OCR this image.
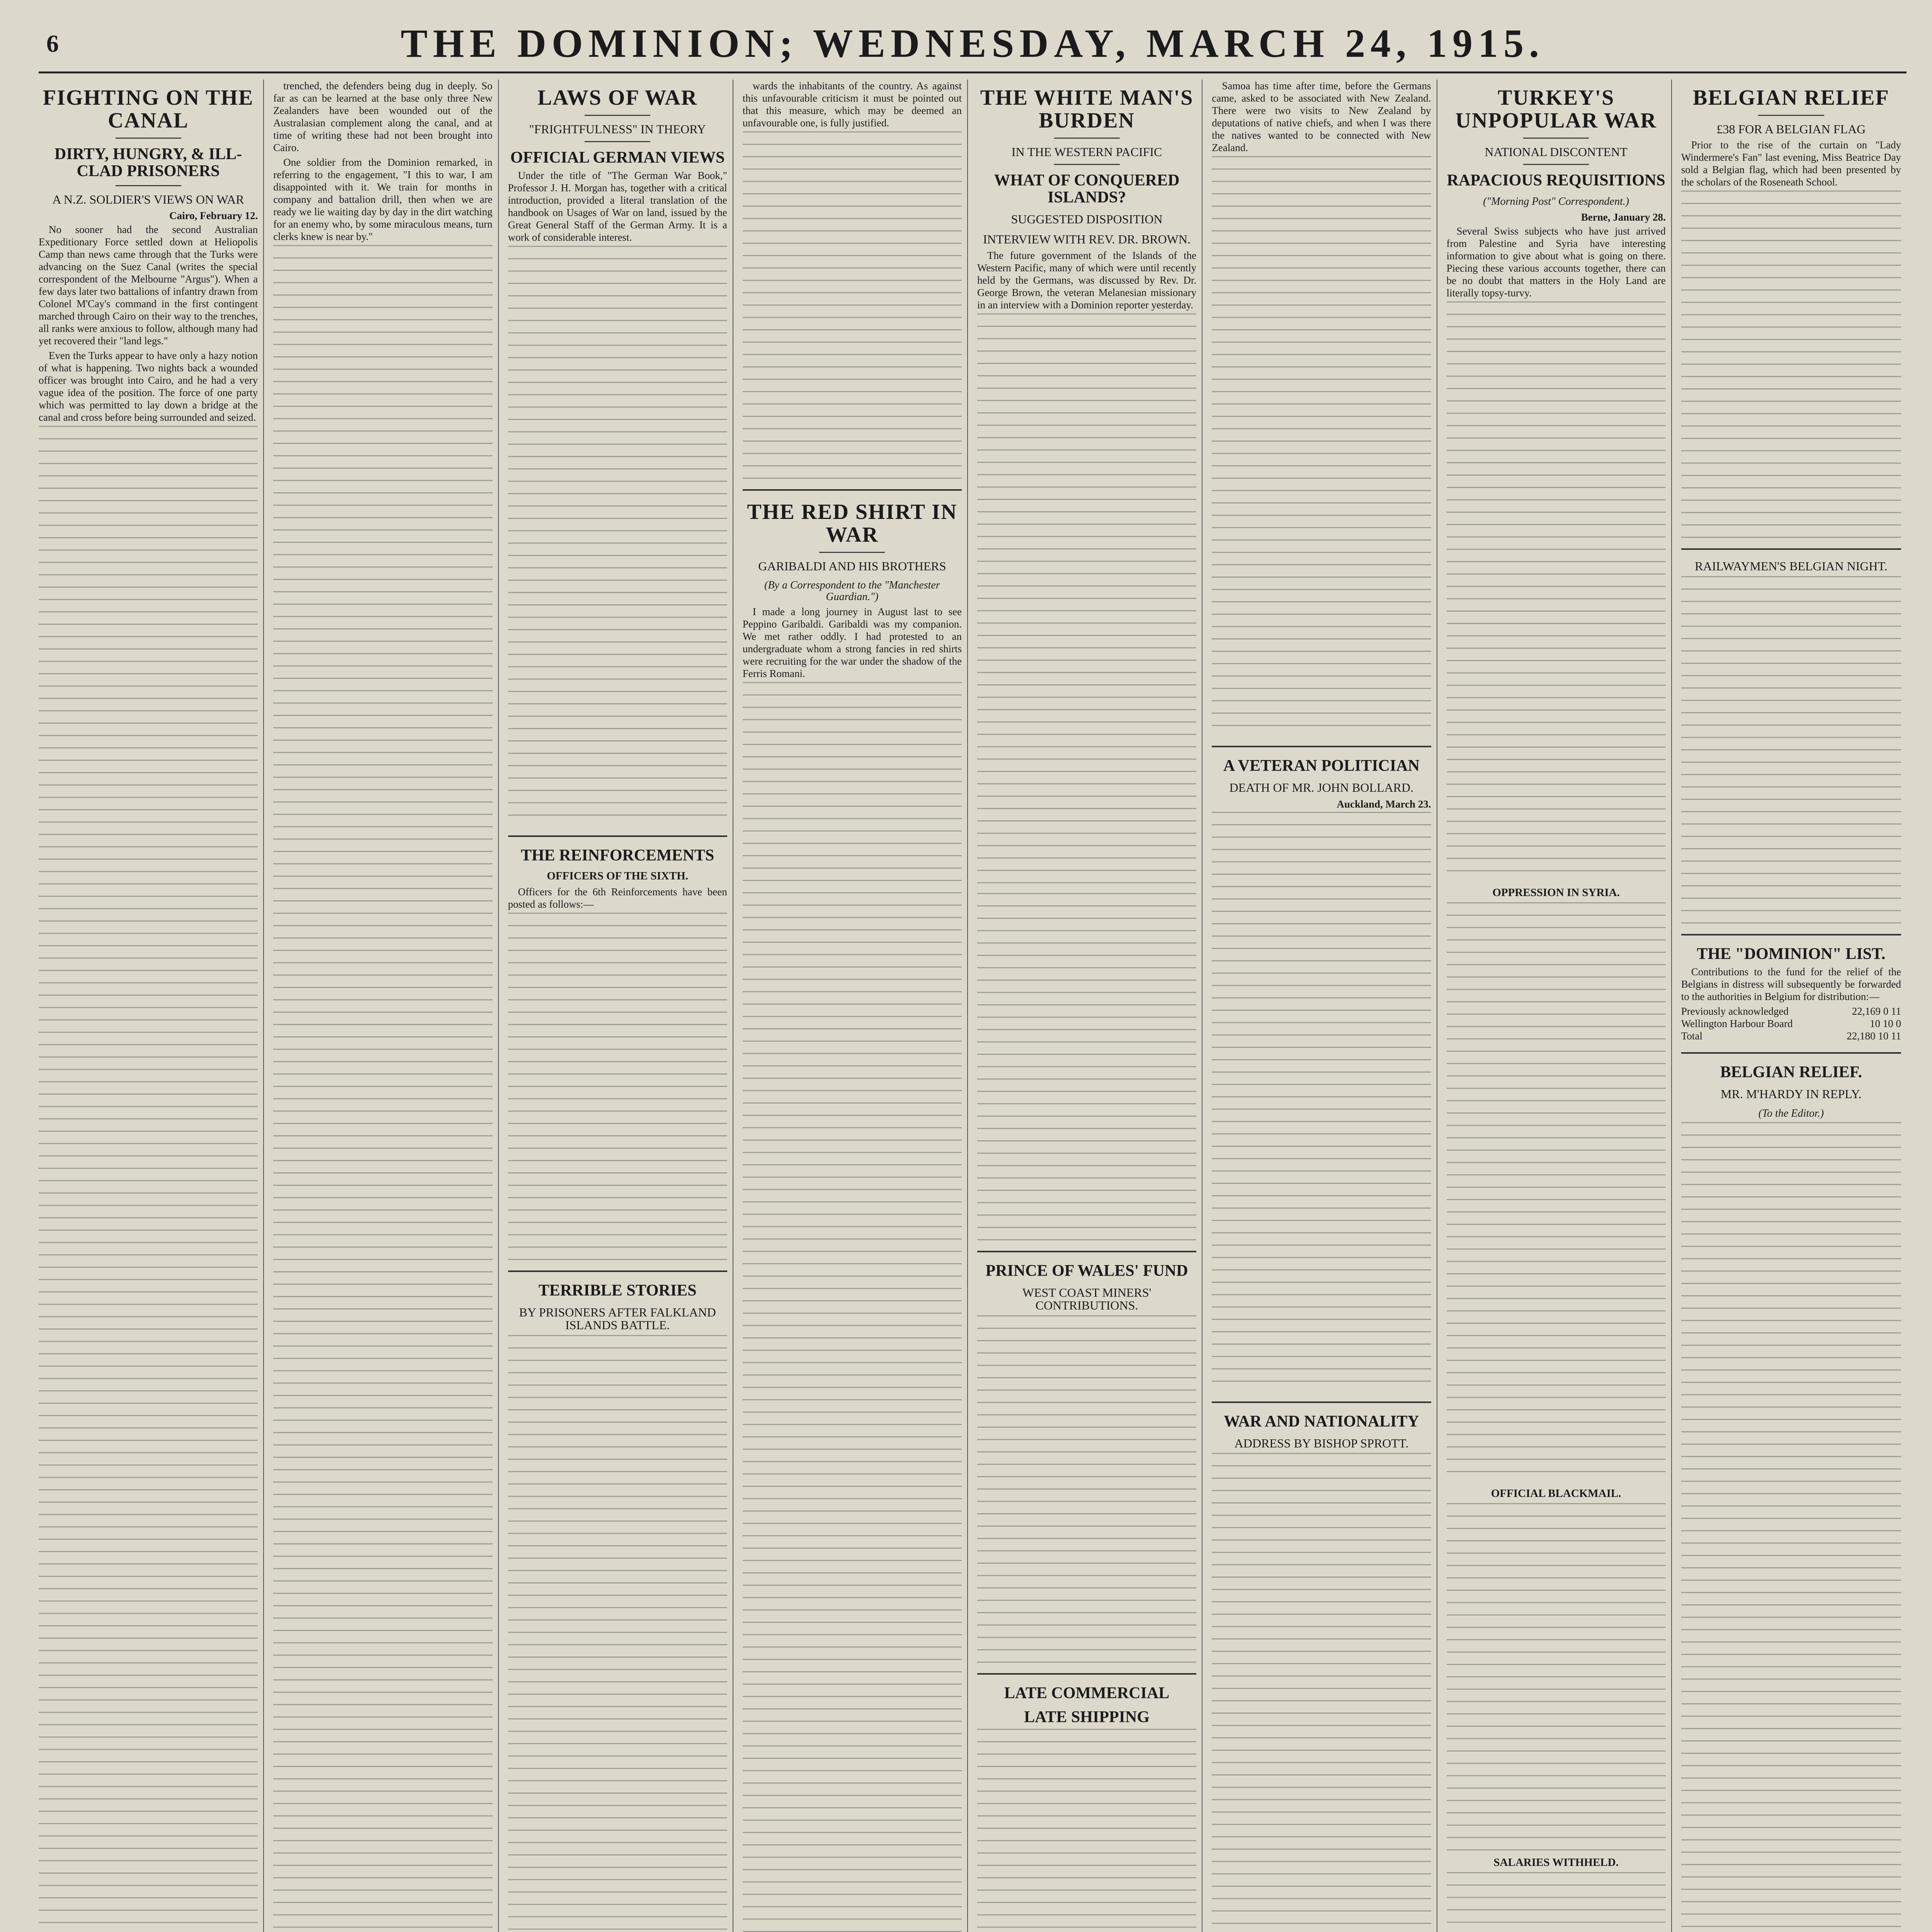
6	THE DOMINION; WEDNESDAY, MARCH 24, 1915.
FIGHTING ON THE CANAL
DIRTY, HUNGRY, & ILL-CLAD PRISONERS
A N.Z. SOLDIER'S VIEWS ON WAR
Cairo, February 12.

No sooner had the second Australian Expeditionary Force settled down at Heliopolis Camp than news came through that the Turks were advancing on the Suez Canal (writes the special correspondent of the Melbourne "Argus"). When a few days later two battalions of infantry drawn from Colonel M'Cay's command in the first contingent marched through Cairo on their way to the trenches, all ranks were anxious to follow, although many had yet recovered their "land legs."

Even the Turks appear to have only a hazy notion of what is happening. Two nights back a wounded officer was brought into Cairo, and he had a very vague idea of the position. The force of one party which was permitted to lay down a bridge at the canal and cross before being surrounded and seized.

trenched, the defenders being dug in deeply. So far as can be learned at the base only three New Zealanders have been wounded out of the Australasian complement along the canal, and at time of writing these had not been brought into Cairo.

One soldier from the Dominion remarked, in referring to the engagement, "I this to war, I am disappointed with it. We train for months in company and battalion drill, then when we are ready we lie waiting day by day in the dirt watching for an enemy who, by some miraculous means, turn clerks knew is near by."

LAWS OF WAR
"FRIGHTFULNESS" IN THEORY
OFFICIAL GERMAN VIEWS

Under the title of "The German War Book," Professor J. H. Morgan has, together with a critical introduction, provided a literal translation of the handbook on Usages of War on land, issued by the Great General Staff of the German Army. It is a work of considerable interest.

THE REINFORCEMENTS
OFFICERS OF THE SIXTH.

Officers for the 6th Reinforcements have been posted as follows:—

TERRIBLE STORIES
BY PRISONERS AFTER FALKLAND ISLANDS BATTLE.

wards the inhabitants of the country. As against this unfavourable criticism it must be pointed out that this measure, which may be deemed an unfavourable one, is fully justified.

THE RED SHIRT IN WAR
GARIBALDI AND HIS BROTHERS
(By a Correspondent to the "Manchester Guardian.")

I made a long journey in August last to see Peppino Garibaldi. Garibaldi was my companion. We met rather oddly. I had protested to an undergraduate whom a strong fancies in red shirts were recruiting for the war under the shadow of the Ferris Romani.

THE WHITE MAN'S BURDEN
IN THE WESTERN PACIFIC
WHAT OF CONQUERED ISLANDS?
SUGGESTED DISPOSITION
INTERVIEW WITH REV. DR. BROWN.

The future government of the Islands of the Western Pacific, many of which were until recently held by the Germans, was discussed by Rev. Dr. George Brown, the veteran Melanesian missionary in an interview with a Dominion reporter yesterday.

PRINCE OF WALES' FUND
WEST COAST MINERS' CONTRIBUTIONS.
LATE COMMERCIAL
LATE SHIPPING

Samoa has time after time, before the Germans came, asked to be associated with New Zealand. There were two visits to New Zealand by deputations of native chiefs, and when I was there the natives wanted to be connected with New Zealand.

A VETERAN POLITICIAN
DEATH OF MR. JOHN BOLLARD.
Auckland, March 23.
WAR AND NATIONALITY
ADDRESS BY BISHOP SPROTT.
TURKEY'S UNPOPULAR WAR
NATIONAL DISCONTENT
RAPACIOUS REQUISITIONS
("Morning Post" Correspondent.)
Berne, January 28.

Several Swiss subjects who have just arrived from Palestine and Syria have interesting information to give about what is going on there. Piecing these various accounts together, there can be no doubt that matters in the Holy Land are literally topsy-turvy.

OPPRESSION IN SYRIA.
OFFICIAL BLACKMAIL.
SALARIES WITHHELD.
BELGIAN RELIEF
£38 FOR A BELGIAN FLAG

Prior to the rise of the curtain on "Lady Windermere's Fan" last evening, Miss Beatrice Day sold a Belgian flag, which had been presented by the scholars of the Roseneath School.

RAILWAYMEN'S BELGIAN NIGHT.
THE "DOMINION" LIST.

Contributions to the fund for the relief of the Belgians in distress will subsequently be forwarded to the authorities in Belgium for distribution:—

Previously acknowledged	22,169 0 11
Wellington Harbour Board	10 10 0
Total	22,180 10 11
BELGIAN RELIEF.
MR. M'HARDY IN REPLY.
(To the Editor.)
